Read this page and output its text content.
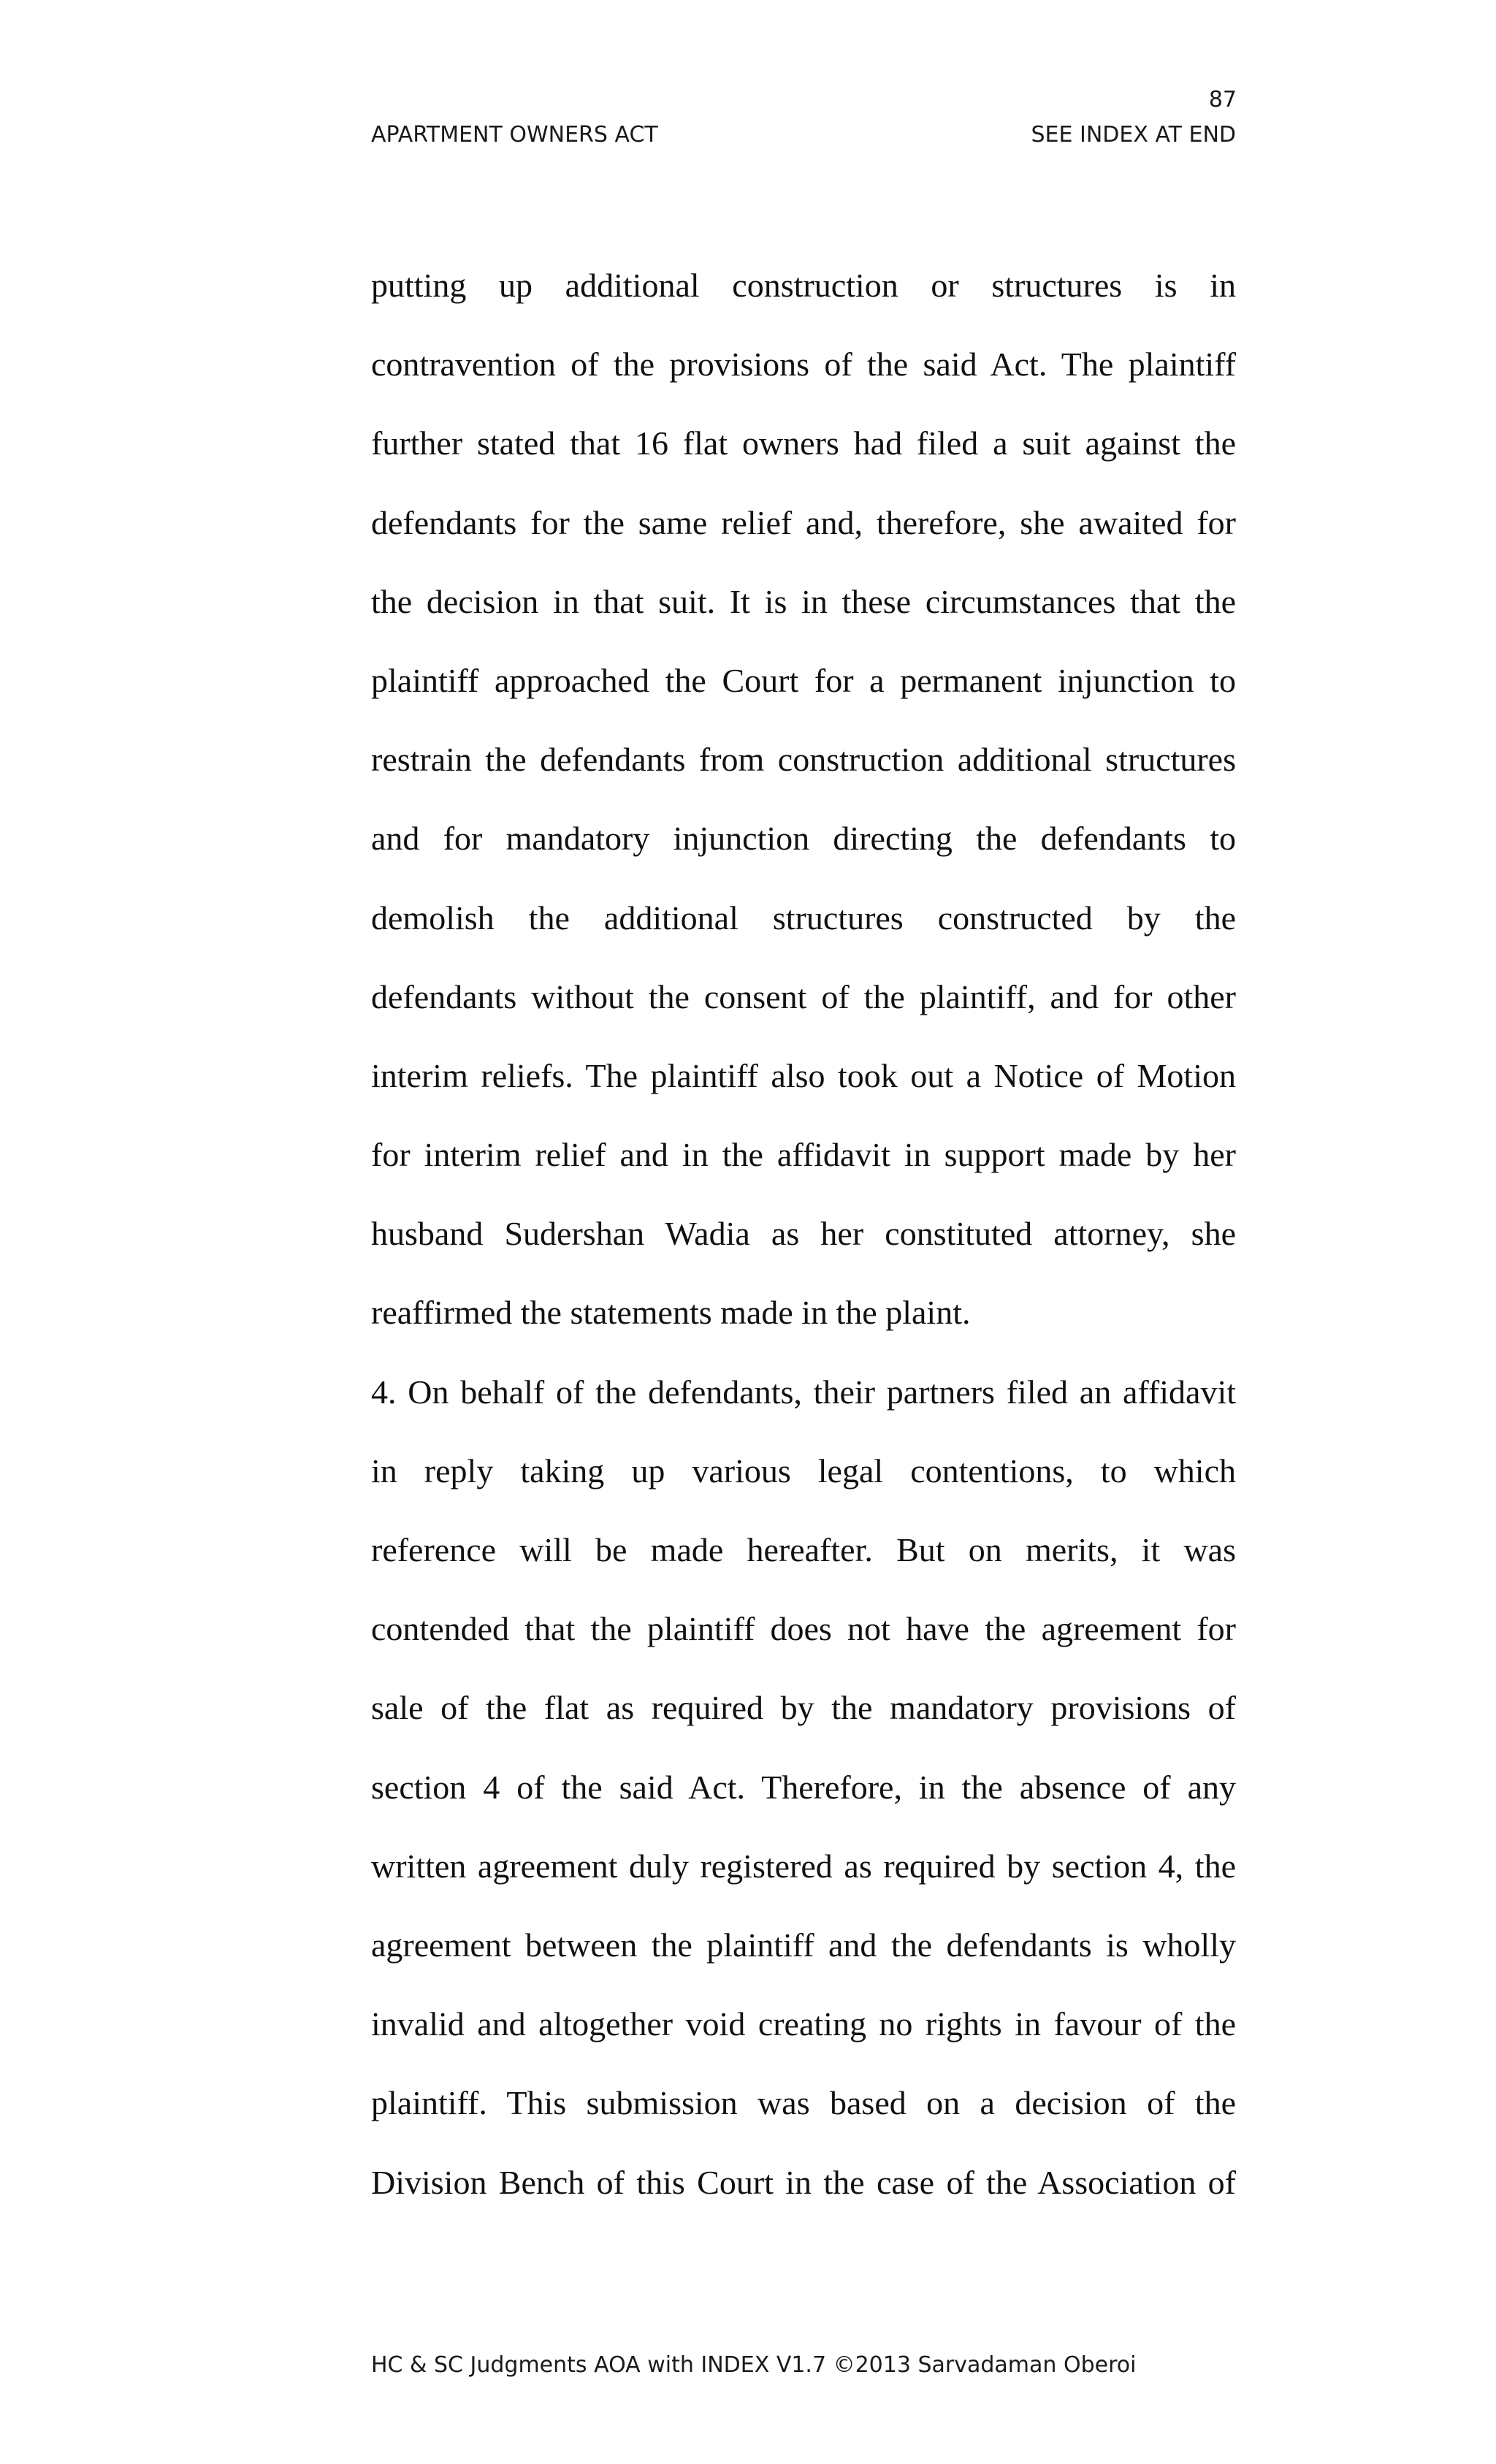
87
APARTMENT OWNERS ACT	SEE INDEX AT END
putting up additional construction or structures is in
contravention of the provisions of the said Act. The plaintiff
further stated that 16 flat owners had filed a suit against the
defendants for the same relief and, therefore, she awaited for
the decision in that suit. It is in these circumstances that the
plaintiff approached the Court for a permanent injunction to
restrain the defendants from construction additional structures
and for mandatory injunction directing the defendants to
demolish the additional structures constructed by the
defendants without the consent of the plaintiff, and for other
interim reliefs. The plaintiff also took out a Notice of Motion
for interim relief and in the affidavit in support made by her
husband Sudershan Wadia as her constituted attorney, she
reaffirmed the statements made in the plaint.
4. On behalf of the defendants, their partners filed an affidavit
in reply taking up various legal contentions, to which
reference will be made hereafter. But on merits, it was
contended that the plaintiff does not have the agreement for
sale of the flat as required by the mandatory provisions of
section 4 of the said Act. Therefore, in the absence of any
written agreement duly registered as required by section 4, the
agreement between the plaintiff and the defendants is wholly
invalid and altogether void creating no rights in favour of the
plaintiff. This submission was based on a decision of the
Division Bench of this Court in the case of the Association of
HC & SC Judgments AOA with INDEX V1.7 ©2013 Sarvadaman Oberoi
